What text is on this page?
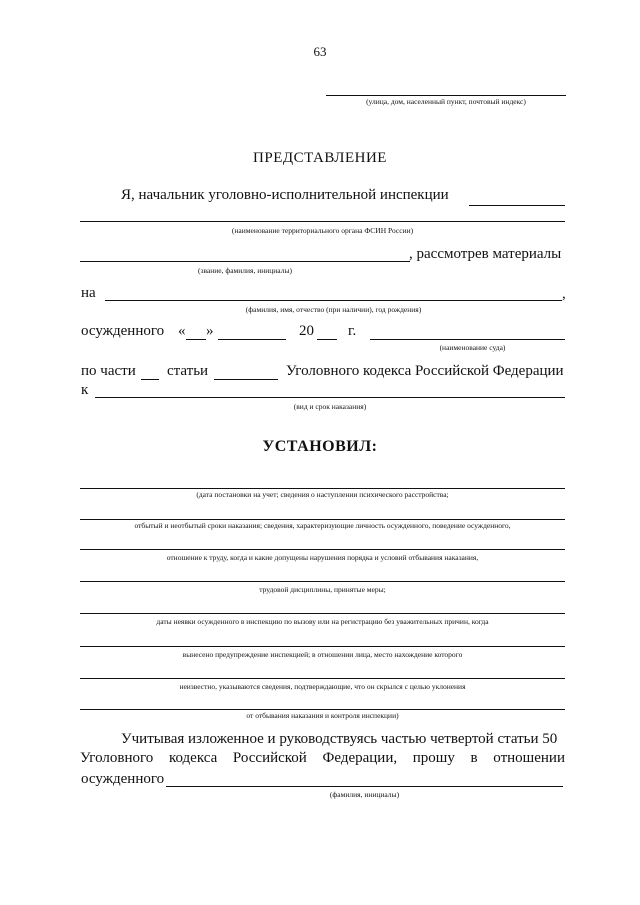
63
(улица, дом, населенный пункт, почтовый индекс)
ПРЕДСТАВЛЕНИЕ
Я, начальник уголовно-исполнительной инспекции
(наименование территориального органа ФСИН России)
, рассмотрев материалы
(звание, фамилия, инициалы)
на	,
(фамилия, имя, отчество (при наличии), год рождения)
осужденного « »	20 г.
(наименование суда)
по части статьи	Уголовного кодекса Российской Федерации
к
(вид и срок наказания)
УСТАНОВИЛ:
(дата постановки на учет; сведения о наступлении психического расстройства;
отбытый и неотбытый сроки наказания; сведения, характеризующие личность осужденного, поведение осужденного,
отношение к труду, когда и какие допущены нарушения порядка и условий отбывания наказания,
трудовой дисциплины, принятые меры;
даты неявки осужденного в инспекцию по вызову или на регистрацию без уважительных причин, когда
вынесено предупреждение инспекцией; в отношении лица, место нахождение которого
неизвестно, указываются сведения, подтверждающие, что он скрылся с целью уклонения
от отбывания наказания и контроля инспекции)
Учитывая изложенное и руководствуясь частью четвертой статьи 50
Уголовного кодекса Российской Федерации, прошу в отношении
осужденного
(фамилия, инициалы)
